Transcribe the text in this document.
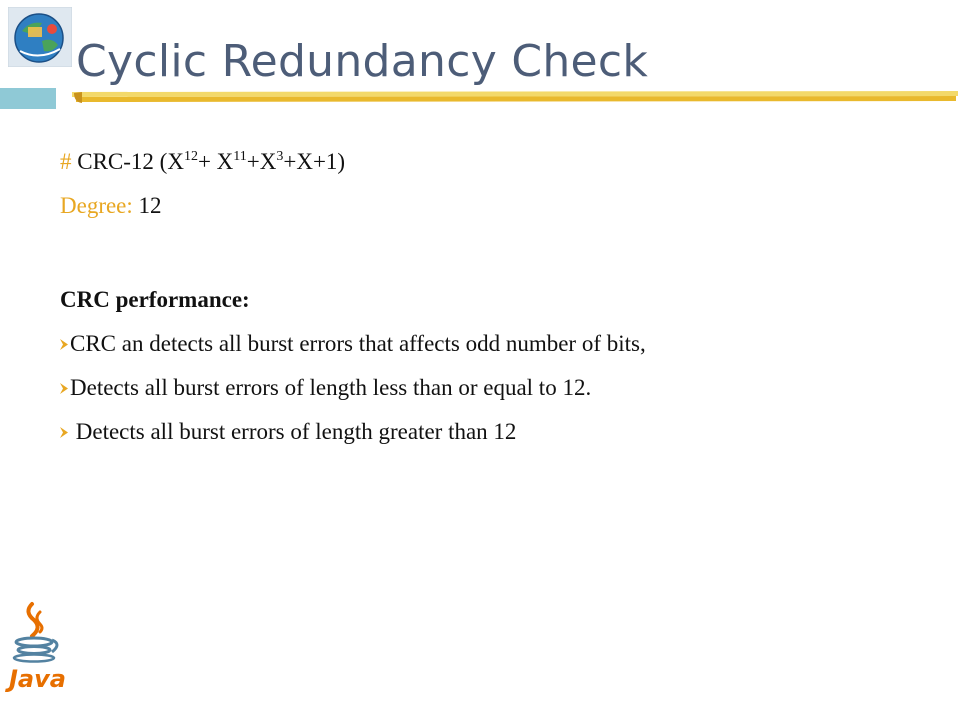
Cyclic Redundancy Check
# CRC-12 $(X^{12}+ X^{11}+X^3+X+1)$
Degree: 12
CRC performance:
CRC an detects all burst errors that affects odd number of bits,
Detects all burst errors of length less than or equal to 12.
Detects all burst errors of length greater than 12
Java
